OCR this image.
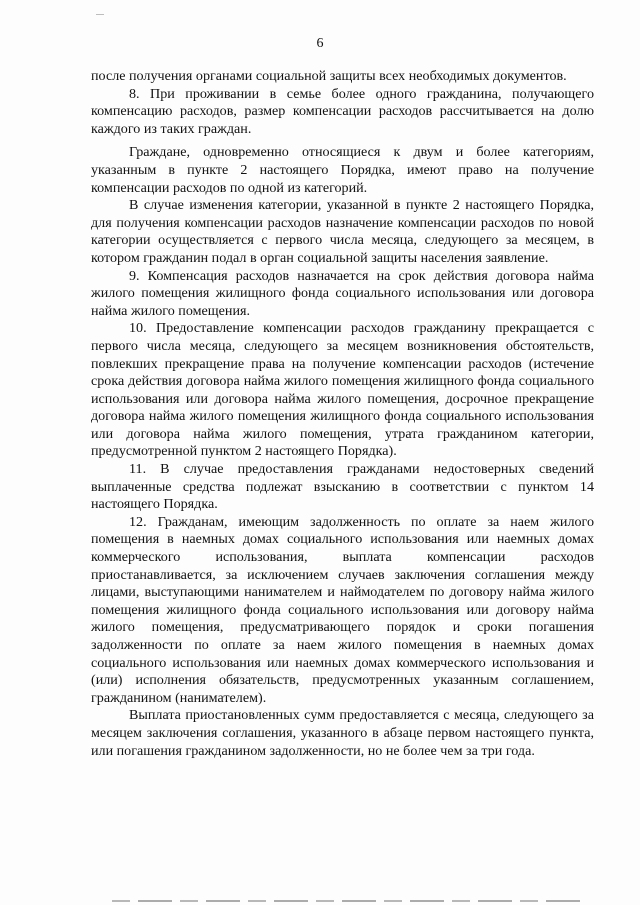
6

после получения органами социальной защиты всех необходимых документов.

8. При проживании в семье более одного гражданина, получающего компенсацию расходов, размер компенсации расходов рассчитывается на долю каждого из таких граждан.

Граждане, одновременно относящиеся к двум и более категориям, указанным в пункте 2 настоящего Порядка, имеют право на получение компенсации расходов по одной из категорий.

В случае изменения категории, указанной в пункте 2 настоящего Порядка, для получения компенсации расходов назначение компенсации расходов по новой категории осуществляется с первого числа месяца, следующего за месяцем, в котором гражданин подал в орган социальной защиты населения заявление.

9. Компенсация расходов назначается на срок действия договора найма жилого помещения жилищного фонда социального использования или договора найма жилого помещения.

10. Предоставление компенсации расходов гражданину прекращается с первого числа месяца, следующего за месяцем возникновения обстоятельств, повлекших прекращение права на получение компенсации расходов (истечение срока действия договора найма жилого помещения жилищного фонда социального использования или договора найма жилого помещения, досрочное прекращение договора найма жилого помещения жилищного фонда социального использования или договора найма жилого помещения, утрата гражданином категории, предусмотренной пунктом 2 настоящего Порядка).

11. В случае предоставления гражданами недостоверных сведений выплаченные средства подлежат взысканию в соответствии с пунктом 14 настоящего Порядка.

12. Гражданам, имеющим задолженность по оплате за наем жилого помещения в наемных домах социального использования или наемных домах коммерческого использования, выплата компенсации расходов приостанавливается, за исключением случаев заключения соглашения между лицами, выступающими нанимателем и наймодателем по договору найма жилого помещения жилищного фонда социального использования или договору найма жилого помещения, предусматривающего порядок и сроки погашения задолженности по оплате за наем жилого помещения в наемных домах социального использования или наемных домах коммерческого использования и (или) исполнения обязательств, предусмотренных указанным соглашением, гражданином (нанимателем).

Выплата приостановленных сумм предоставляется с месяца, следующего за месяцем заключения соглашения, указанного в абзаце первом настоящего пункта, или погашения гражданином задолженности, но не более чем за три года.
